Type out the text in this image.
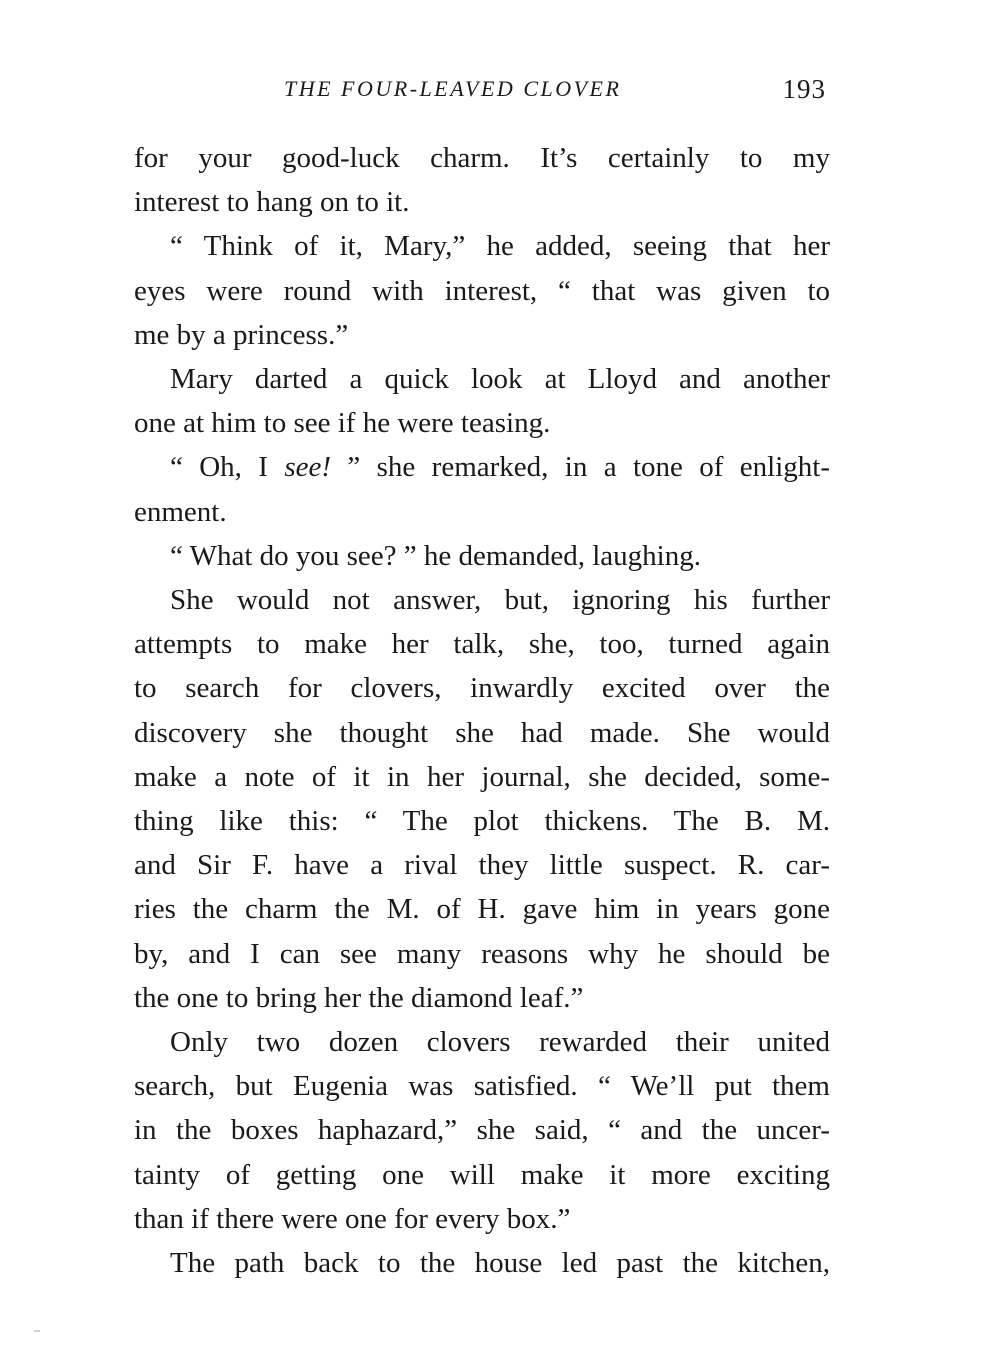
THE FOUR-LEAVED CLOVER	193
for your good-luck charm. It’s certainly to my
interest to hang on to it.
“ Think of it, Mary,” he added, seeing that her
eyes were round with interest, “ that was given to
me by a princess.”
Mary darted a quick look at Lloyd and another
one at him to see if he were teasing.
“ Oh, I see! ” she remarked, in a tone of enlight-
enment.
“ What do you see? ” he demanded, laughing.
She would not answer, but, ignoring his further
attempts to make her talk, she, too, turned again
to search for clovers, inwardly excited over the
discovery she thought she had made. She would
make a note of it in her journal, she decided, some-
thing like this: “ The plot thickens. The B. M.
and Sir F. have a rival they little suspect. R. car-
ries the charm the M. of H. gave him in years gone
by, and I can see many reasons why he should be
the one to bring her the diamond leaf.”
Only two dozen clovers rewarded their united
search, but Eugenia was satisfied. “ We’ll put them
in the boxes haphazard,” she said, “ and the uncer-
tainty of getting one will make it more exciting
than if there were one for every box.”
The path back to the house led past the kitchen,
